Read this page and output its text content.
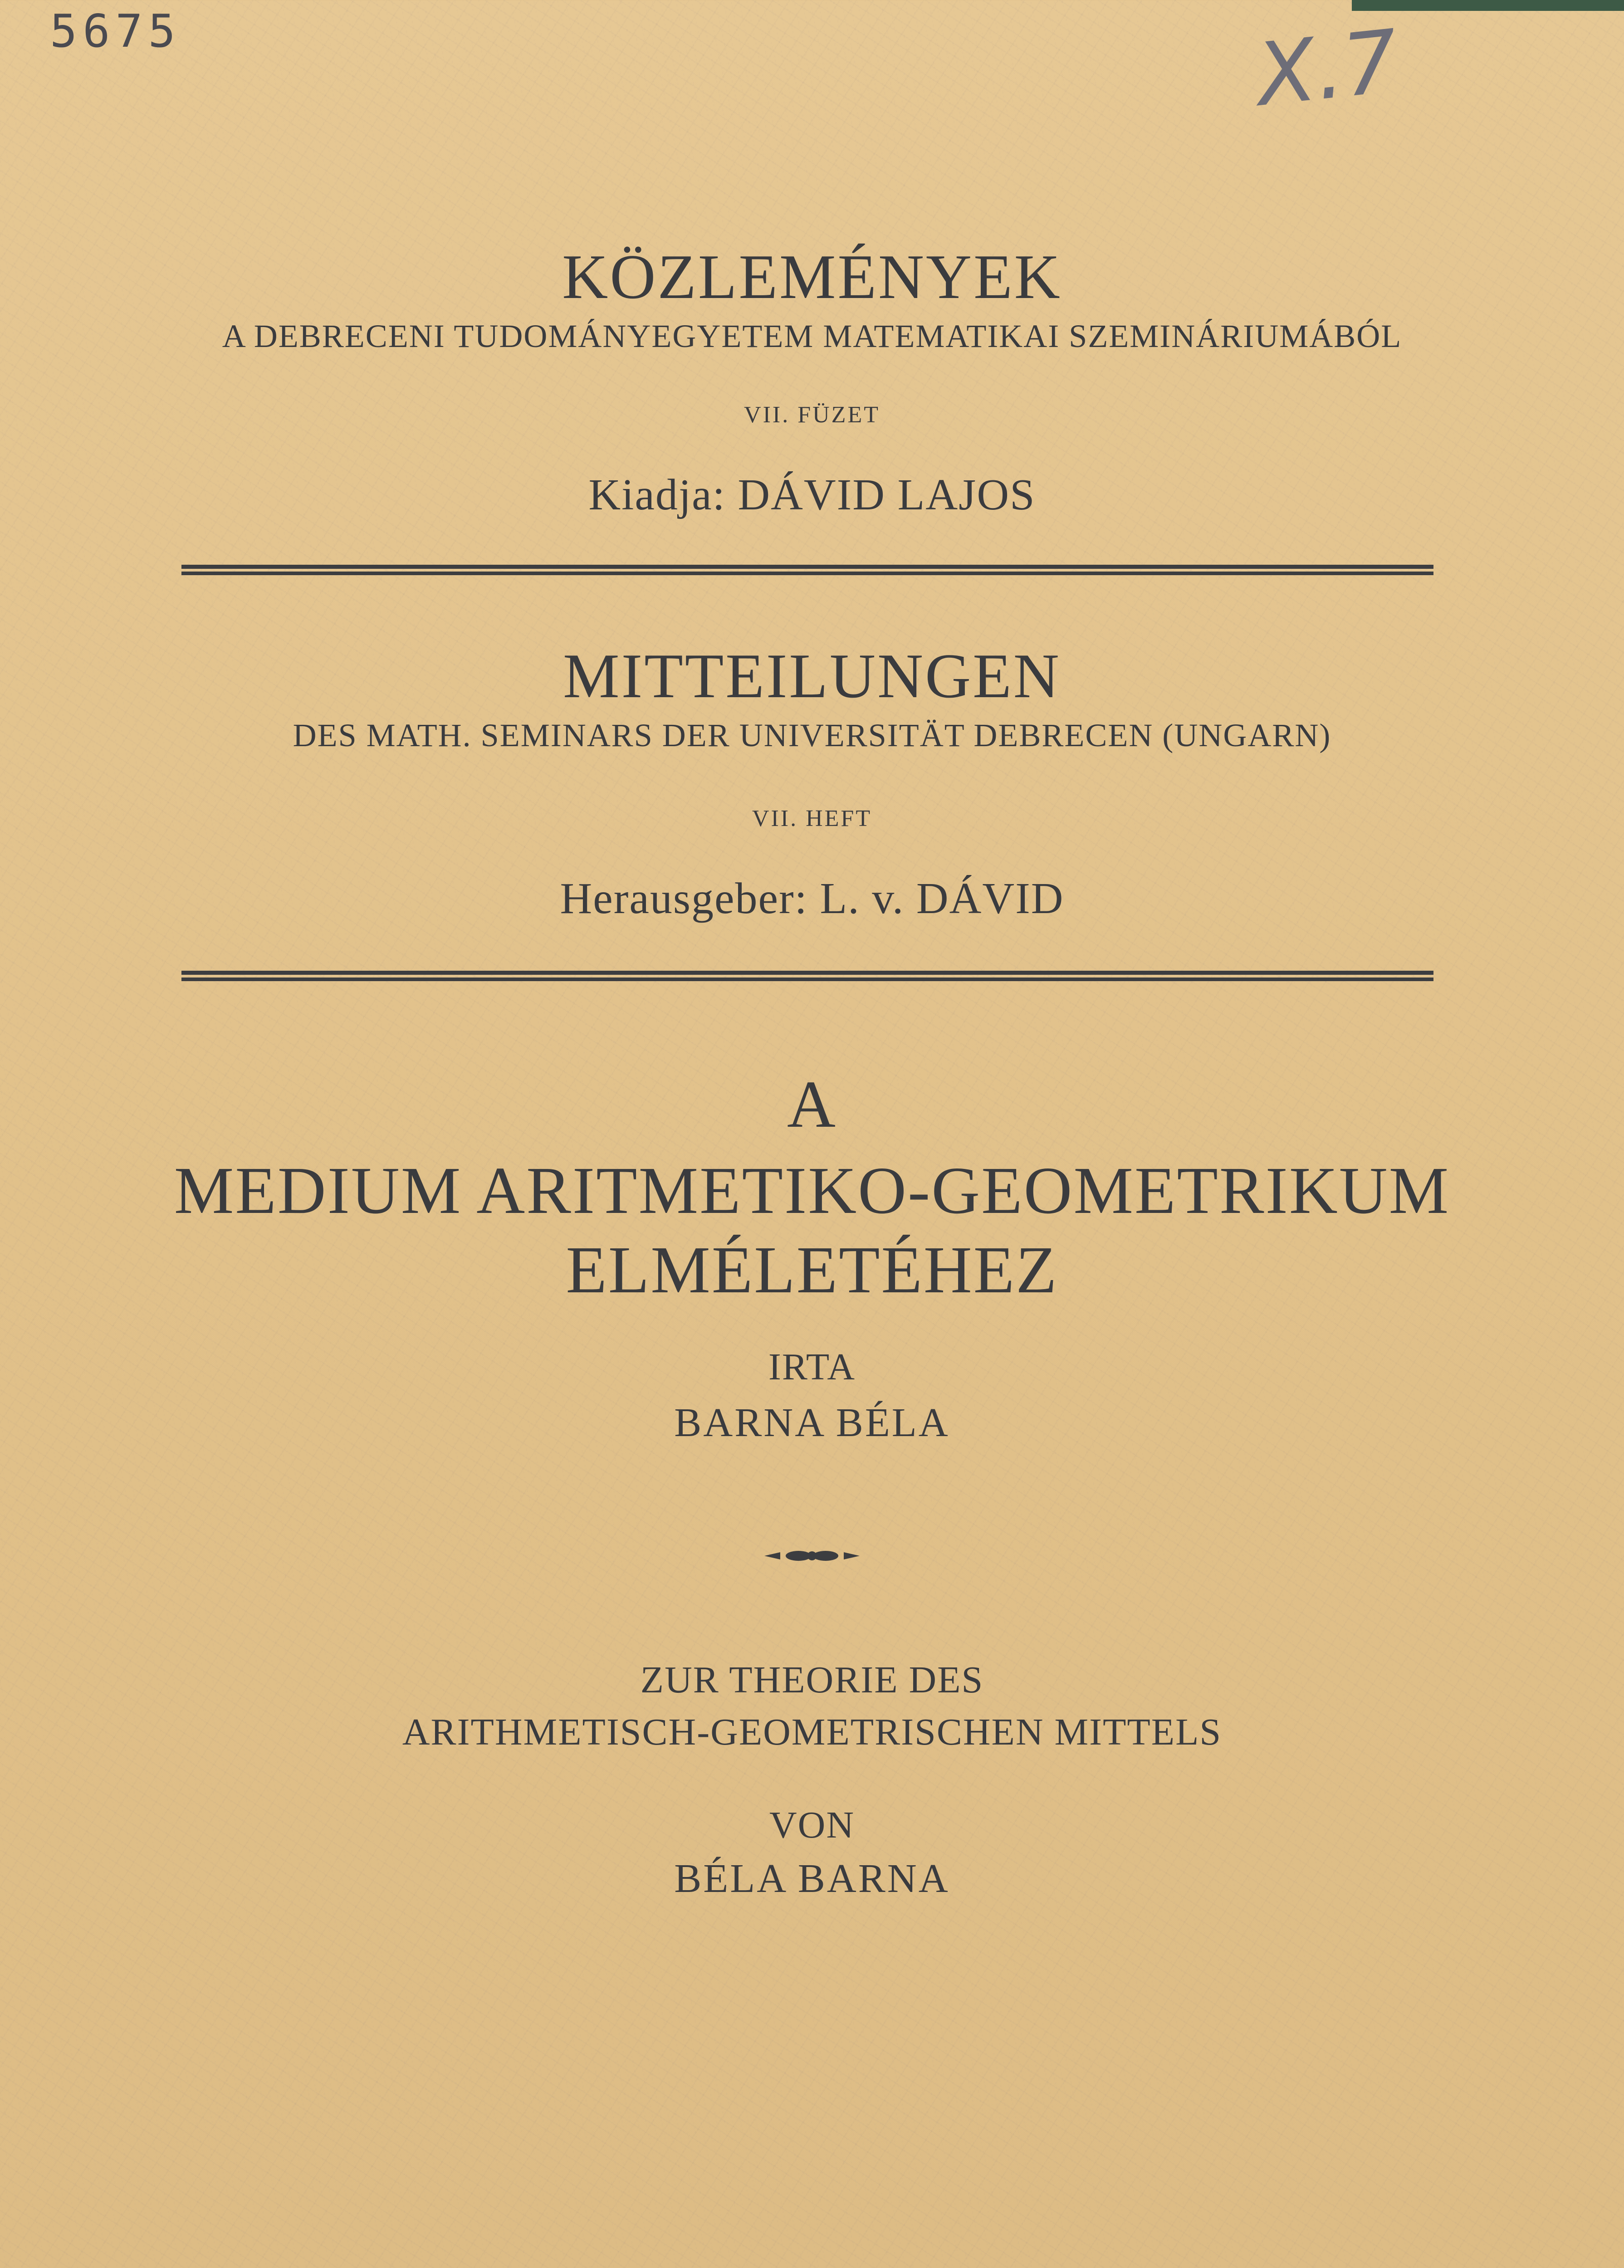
5675	X.7
KÖZLEMÉNYEK
A DEBRECENI TUDOMÁNYEGYETEM MATEMATIKAI SZEMINÁRIUMÁBÓL
VII. FÜZET
Kiadja: DÁVID LAJOS
MITTEILUNGEN
DES MATH. SEMINARS DER UNIVERSITÄT DEBRECEN (UNGARN)
VII. HEFT
Herausgeber: L. v. DÁVID
A
MEDIUM ARITMETIKO-GEOMETRIKUM
ELMÉLETÉHEZ
IRTA
BARNA BÉLA
ZUR THEORIE DES
ARITHMETISCH-GEOMETRISCHEN MITTELS
VON
BÉLA BARNA
